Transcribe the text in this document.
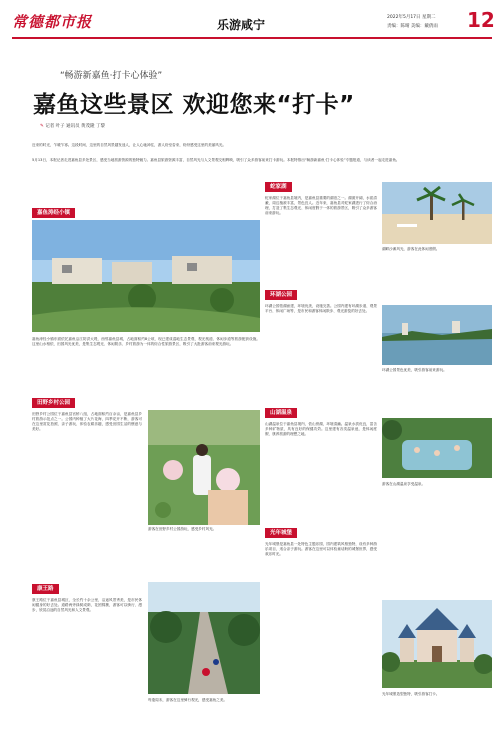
常德都市报	乐游咸宁
2022年5月17日 星期二
责编：陈晴 美编：戴倩雨 12
“畅游新嘉鱼·打卡心体验”
嘉鱼这些景区 欢迎您来“打卡”
✎ 记者 叶子 通讯员 黄茂隆 丁黎
近来的时光，乍暖乍寒。这段时间，这里的自然风景越发迷人，让人心驰神往，游人纷至沓来，纷纷感受这里的美丽风光。
5月13日，本报记者走进嘉鱼县多处景区，感受当地旅游资源的独特魅力。嘉鱼县旅游资源丰富，自然风光与人文景观交相辉映，吸引了众多游客前来打卡游玩。本报特推出“畅游新嘉鱼·打卡心体验”专题报道，与读者一起走进嘉鱼。
嘉鱼涛经小镇
嘉鱼涛经小镇东面依托嘉鱼沿江防洪大堤，西邻嘉鱼县城，占地面积约8公顷，现已建成湿地生态景观、观光栈道、休闲步道等旅游配套设施。这里山水相依、田园风光优美，是集生态观光、休闲娱乐、乡村旅游为一体的综合性旅游景区，吸引了大批游客前来观光游玩。
田野乡村公园
田野乡村公园位于嘉鱼县官桥八组，占地面积约百余亩，是嘉鱼县乡村旅游示范点之一。公园内种植了大片花海，四季花开不断，游客可在这里赏花拍照、亲子游玩、体验农耕乐趣，感受田园生活的惬意与美好。
游客在田野乡村公园游玩，感受乡村风光。
康王路
康王路位于嘉鱼县城区，全长约十余公里，沿途风景秀美，是市民休闲健身的好去处。道路两旁绿树成荫，花团锦簇，游客可以骑行、漫步，欣赏沿途的自然风光和人文景观。
每逢周末，游客在这里骑行观光，感受嘉鱼之美。
蛇家湖
蛇家湖位于嘉鱼县境内，是嘉鱼县重要的湖泊之一。湖面开阔，水质清澈，周边植被丰富，景色宜人。近年来，嘉鱼县对蛇家湖进行了综合治理，打造了集生态观光、休闲度假于一体的旅游景区，吸引了众多游客前来游玩。
湖畔沙滩风光，游客在此休闲度假。
环湖公园
环湖公园依湖而建，环境优美，设施完善。公园内建有环湖步道、观景平台、休闲广场等，是市民和游客休闲散步、观光游览的好去处。
环湖公园景色优美，吸引游客前来游玩。
山湖温泉
山湖温泉位于嘉鱼县境内，依山傍湖，环境清幽。温泉水质优良，富含多种矿物质，具有良好的保健功效。这里建有各类温泉池，是休闲度假、康养旅游的理想之地。
游客在山湖温泉享受温泉。
光年城堡
光年城堡是嘉鱼县一处特色主题乐园，园内建筑风格独特，设有多种游乐项目，适合亲子游玩。游客在这里可以体验童话般的城堡世界，感受欢乐时光。
光年城堡造型独特，吸引游客打卡。
